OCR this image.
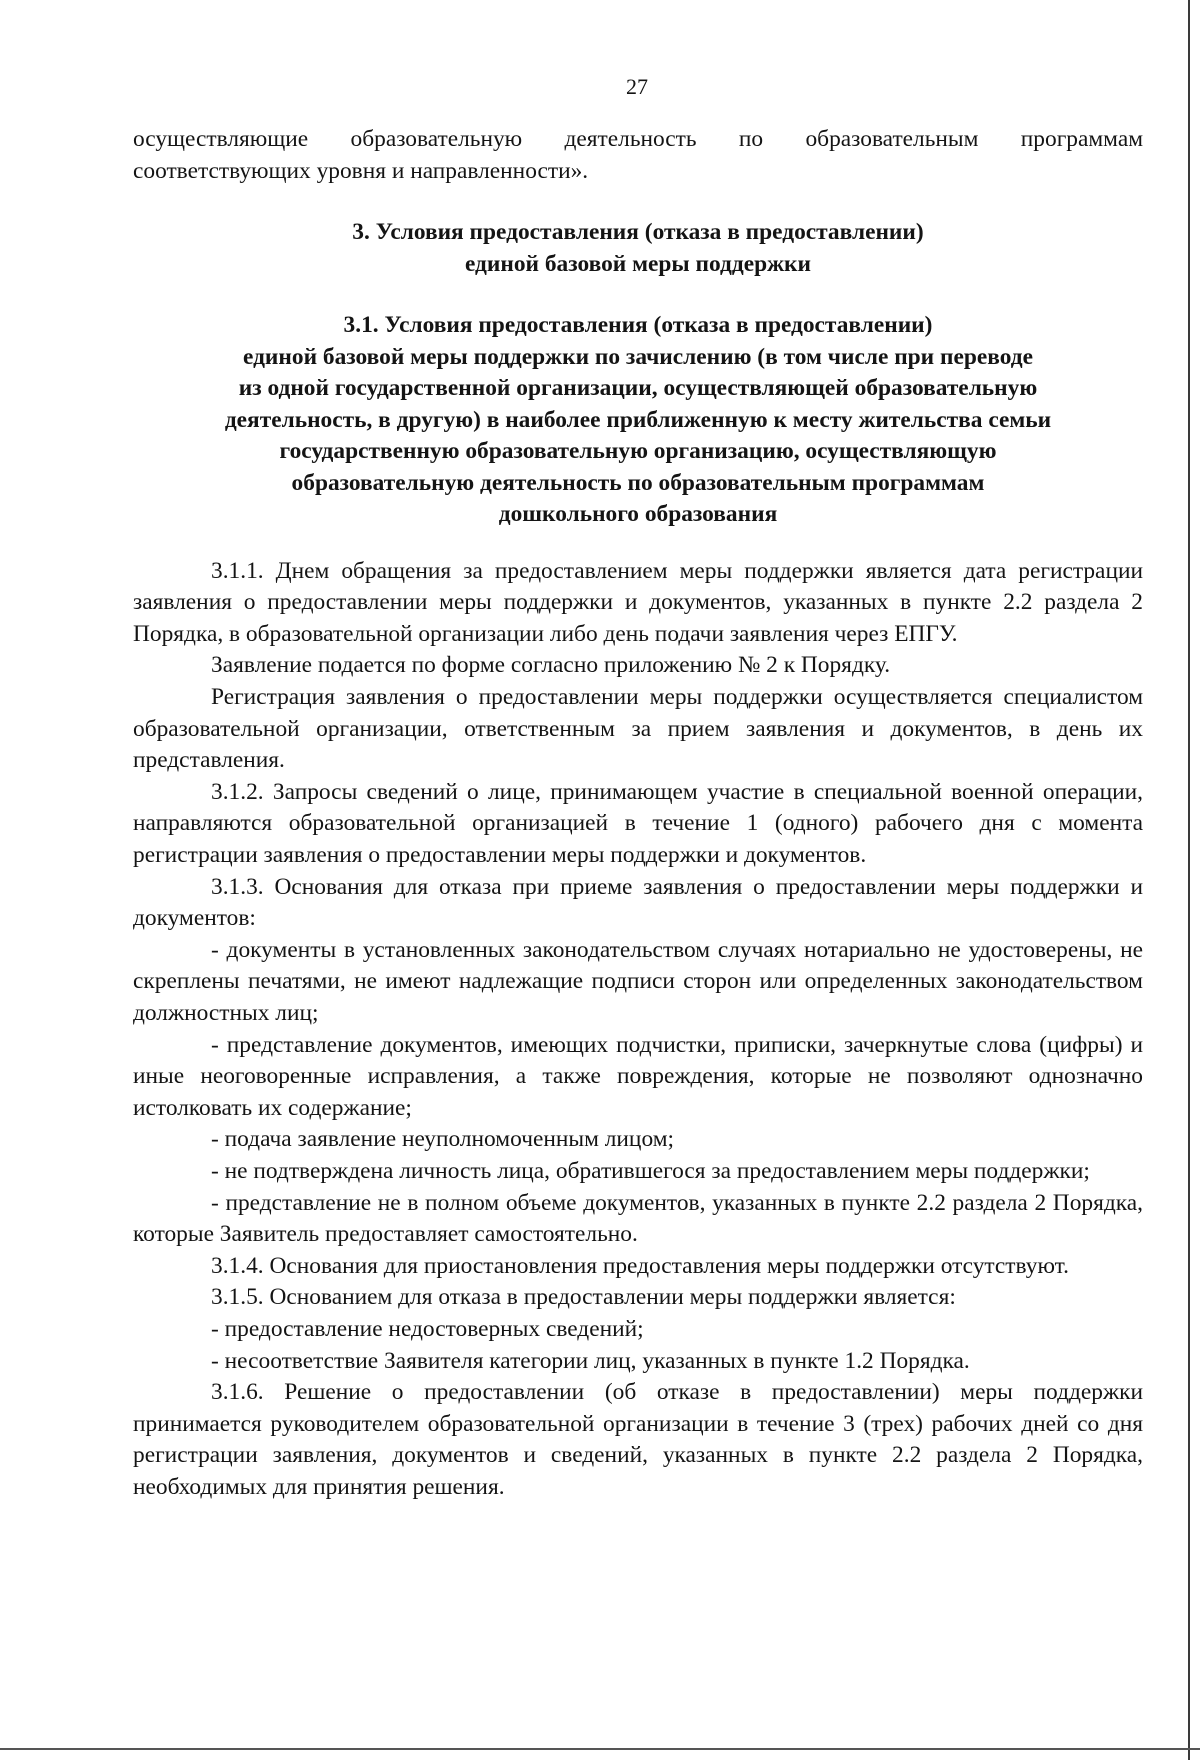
27

осуществляющие образовательную деятельность по образовательным программам соответствующих уровня и направленности».

3. Условия предоставления (отказа в предоставлении)
единой базовой меры поддержки
3.1. Условия предоставления (отказа в предоставлении)
единой базовой меры поддержки по зачислению (в том числе при переводе
из одной государственной организации, осуществляющей образовательную
деятельность, в другую) в наиболее приближенную к месту жительства семьи
государственную образовательную организацию, осуществляющую
образовательную деятельность по образовательным программам
дошкольного образования

3.1.1. Днем обращения за предоставлением меры поддержки является дата регистрации заявления о предоставлении меры поддержки и документов, указанных в пункте 2.2 раздела 2 Порядка, в образовательной организации либо день подачи заявления через ЕПГУ.

Заявление подается по форме согласно приложению № 2 к Порядку.

Регистрация заявления о предоставлении меры поддержки осуществляется специалистом образовательной организации, ответственным за прием заявления и документов, в день их представления.

3.1.2. Запросы сведений о лице, принимающем участие в специальной военной операции, направляются образовательной организацией в течение 1 (одного) рабочего дня с момента регистрации заявления о предоставлении меры поддержки и документов.

3.1.3. Основания для отказа при приеме заявления о предоставлении меры поддержки и документов:

- документы в установленных законодательством случаях нотариально не удостоверены, не скреплены печатями, не имеют надлежащие подписи сторон или определенных законодательством должностных лиц;

- представление документов, имеющих подчистки, приписки, зачеркнутые слова (цифры) и иные неоговоренные исправления, а также повреждения, которые не позволяют однозначно истолковать их содержание;

- подача заявление неуполномоченным лицом;

- не подтверждена личность лица, обратившегося за предоставлением меры поддержки;

- представление не в полном объеме документов, указанных в пункте 2.2 раздела 2 Порядка, которые Заявитель предоставляет самостоятельно.

3.1.4. Основания для приостановления предоставления меры поддержки отсутствуют.

3.1.5. Основанием для отказа в предоставлении меры поддержки является:

- предоставление недостоверных сведений;

- несоответствие Заявителя категории лиц, указанных в пункте 1.2 Порядка.

3.1.6. Решение о предоставлении (об отказе в предоставлении) меры поддержки принимается руководителем образовательной организации в течение 3 (трех) рабочих дней со дня регистрации заявления, документов и сведений, указанных в пункте 2.2 раздела 2 Порядка, необходимых для принятия решения.
